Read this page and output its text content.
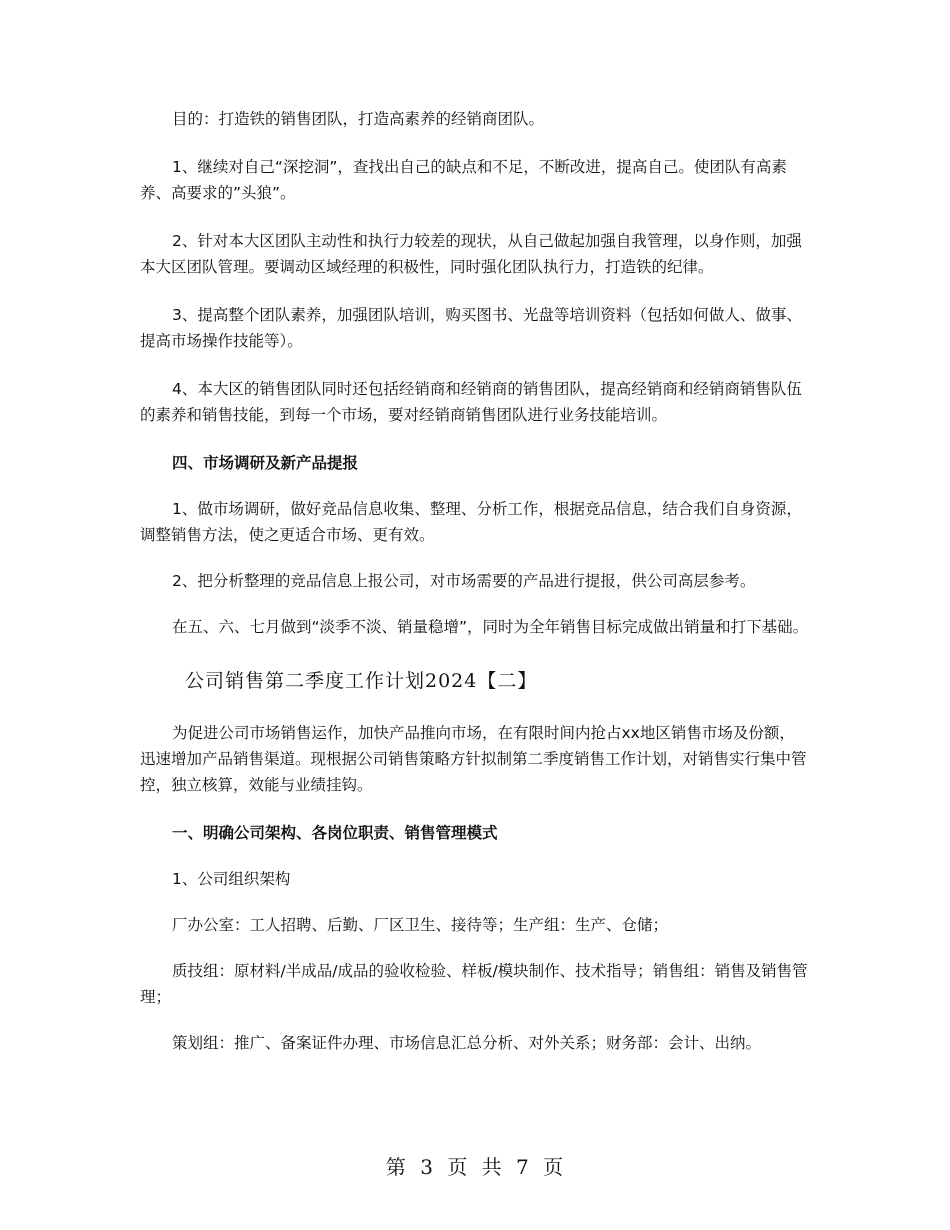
目的：打造铁的销售团队，打造高素养的经销商团队。

1、继续对自己“深挖洞”，查找出自己的缺点和不足，不断改进，提高自己。使团队有高素养、高要求的”头狼”。

2、针对本大区团队主动性和执行力较差的现状，从自己做起加强自我管理，以身作则，加强本大区团队管理。要调动区域经理的积极性，同时强化团队执行力，打造铁的纪律。

3、提高整个团队素养，加强团队培训，购买图书、光盘等培训资料（包括如何做人、做事、提高市场操作技能等）。

4、本大区的销售团队同时还包括经销商和经销商的销售团队，提高经销商和经销商销售队伍的素养和销售技能，到每一个市场，要对经销商销售团队进行业务技能培训。

四、市场调研及新产品提报

1、做市场调研，做好竞品信息收集、整理、分析工作，根据竞品信息，结合我们自身资源，调整销售方法，使之更适合市场、更有效。

2、把分析整理的竞品信息上报公司，对市场需要的产品进行提报，供公司高层参考。

在五、六、七月做到“淡季不淡、销量稳增”，同时为全年销售目标完成做出销量和打下基础。

公司销售第二季度工作计划2024【二】

为促进公司市场销售运作，加快产品推向市场，在有限时间内抢占xx地区销售市场及份额，迅速增加产品销售渠道。现根据公司销售策略方针拟制第二季度销售工作计划，对销售实行集中管控，独立核算，效能与业绩挂钩。

一、明确公司架构、各岗位职责、销售管理模式

1、公司组织架构

厂办公室：工人招聘、后勤、厂区卫生、接待等；生产组：生产、仓储；

质技组：原材料/半成品/成品的验收检验、样板/模块制作、技术指导；销售组：销售及销售管理；

策划组：推广、备案证件办理、市场信息汇总分析、对外关系；财务部：会计、出纳。

第 3 页 共 7 页
